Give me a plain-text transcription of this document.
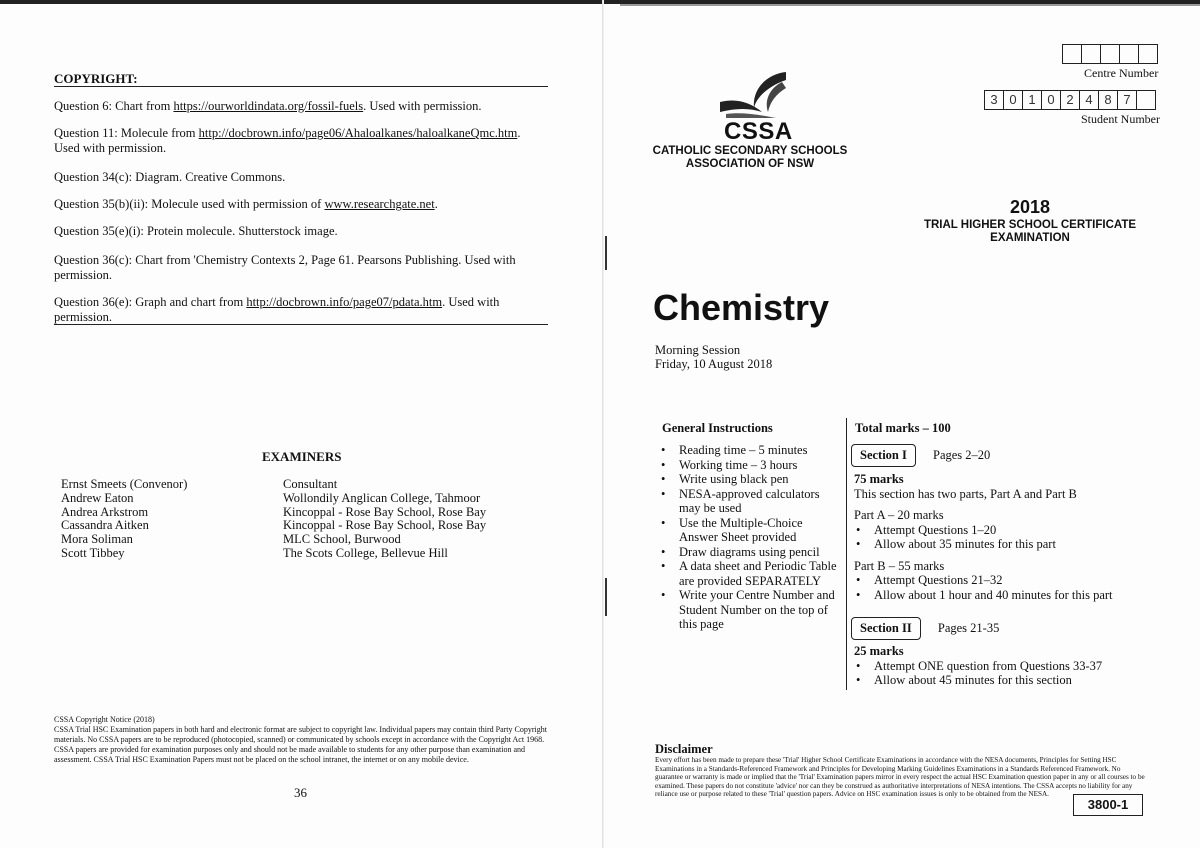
COPYRIGHT:
Question 6: Chart from https://ourworldindata.org/fossil-fuels. Used with permission.
Question 11: Molecule from http://docbrown.info/page06/Ahaloalkanes/haloalkaneQmc.htm. Used with permission.
Question 34(c): Diagram. Creative Commons.
Question 35(b)(ii): Molecule used with permission of www.researchgate.net.
Question 35(e)(i): Protein molecule. Shutterstock image.
Question 36(c): Chart from 'Chemistry Contexts 2, Page 61. Pearsons Publishing. Used with permission.
Question 36(e): Graph and chart from http://docbrown.info/page07/pdata.htm. Used with permission.
EXAMINERS
Ernst Smeets (Convenor)	Consultant
Andrew Eaton	Wollondily Anglican College, Tahmoor
Andrea Arkstrom	Kincoppal - Rose Bay School, Rose Bay
Cassandra Aitken	Kincoppal - Rose Bay School, Rose Bay
Mora Soliman	MLC School, Burwood
Scott Tibbey	The Scots College, Bellevue Hill
CSSA Copyright Notice (2018)
CSSA Trial HSC Examination papers in both hard and electronic format are subject to copyright law. Individual papers may contain third Party Copyright materials. No CSSA papers are to be reproduced (photocopied, scanned) or communicated by schools except in accordance with the Copyright Act 1968. CSSA papers are provided for examination purposes only and should not be made available to students for any other purpose than examination and assessment. CSSA Trial HSC Examination Papers must not be placed on the school intranet, the internet or on any mobile device.
36
CSSA
CATHOLIC SECONDARY SCHOOLS
ASSOCIATION OF NSW
Centre Number
3 0 1 0 2 4 8 7
Student Number
2018
TRIAL HIGHER SCHOOL CERTIFICATE
EXAMINATION
Chemistry
Morning Session
Friday, 10 August 2018
General Instructions
• Reading time – 5 minutes
• Working time – 3 hours
• Write using black pen
• NESA-approved calculators may be used
• Use the Multiple-Choice Answer Sheet provided
• Draw diagrams using pencil
• A data sheet and Periodic Table are provided SEPARATELY
• Write your Centre Number and Student Number on the top of this page
Total marks – 100
Section I Pages 2–20
75 marks
This section has two parts, Part A and Part B
Part A – 20 marks
• Attempt Questions 1–20
• Allow about 35 minutes for this part
Part B – 55 marks
• Attempt Questions 21–32
• Allow about 1 hour and 40 minutes for this part
Section II Pages 21-35
25 marks
• Attempt ONE question from Questions 33-37
• Allow about 45 minutes for this section
Disclaimer
Every effort has been made to prepare these 'Trial' Higher School Certificate Examinations in accordance with the NESA documents, Principles for Setting HSC Examinations in a Standards-Referenced Framework and Principles for Developing Marking Guidelines Examinations in a Standards Referenced Framework. No guarantee or warranty is made or implied that the 'Trial' Examination papers mirror in every respect the actual HSC Examination question paper in any or all courses to be examined. These papers do not constitute 'advice' nor can they be construed as authoritative interpretations of NESA intentions. The CSSA accepts no liability for any reliance use or purpose related to these 'Trial' question papers. Advice on HSC examination issues is only to be obtained from the NESA.
3800-1
